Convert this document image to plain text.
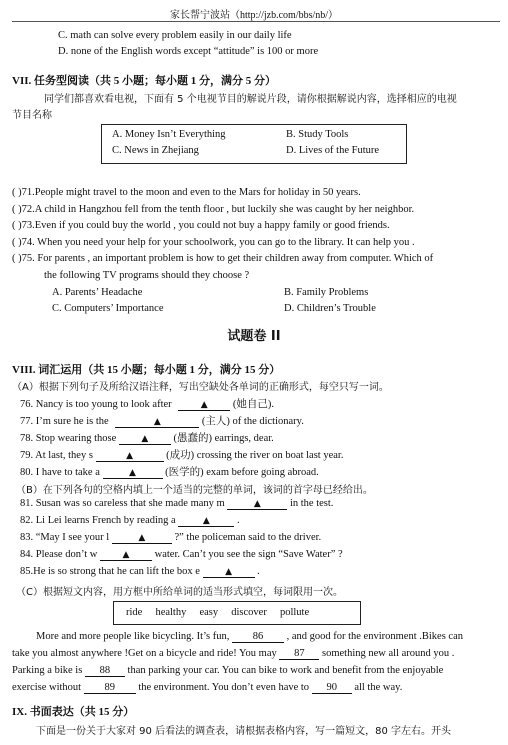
家长帮宁波站（http://jzb.com/bbs/nb/）
C. math can solve every problem easily in our daily life
D. none of the English words except “attitude” is 100 or more
VII. 任务型阅读（共 5 小题；每小题 1 分，满分 5 分）
同学们都喜欢看电视，下面有 5 个电视节目的解说片段，请你根据解说内容，选择相应的电视
节目名称
A. Money Isn’t Everything	B. Study Tools
C. News in Zhejiang	D. Lives of the Future
( )71.People might travel to the moon and even to the Mars for holiday in 50 years.
( )72.A child in Hangzhou fell from the tenth floor , but luckily she was caught by her neighbor.
( )73.Even if you could buy the world , you could not buy a happy family or good friends.
( )74. When you need your help for your schoolwork, you can go to the library. It can help you .
( )75. For parents , an important problem is how to get their children away from computer. Which of
the following TV programs should they choose ?
A. Parents’ Headache	B. Family Problems
C. Computers’ Importance	D. Children’s Trouble
试题卷 II
VIII. 词汇运用（共 15 小题；每小题 1 分，满分 15 分）
（A）根据下列句子及所给汉语注释，写出空缺处各单词的正确形式，每空只写一词。
76. Nancy is too young to look after	▲ (她自己).
77. I’m sure he is the	▲	(主人) of the dictionary.
78. Stop wearing those	▲ (愚蠢的) earrings, dear.
79. At last, they s	▲	(成功) crossing the river on boat last year.
80. I have to take a	▲	(医学的) exam before going abroad.
（B）在下列各句的空格内填上一个适当的完整的单词，该词的首字母已经给出。
81. Susan was so careless that she made many m	▲	in the test.
82. Li Lei learns French by reading a	▲	.
83. “May I see your l	▲	?” the policeman said to the driver.
84. Please don’t w	▲ water. Can’t you see the sign “Save Water” ?
85.He is so strong that he can lift the box e	▲ .
（C）根据短文内容，用方框中所给单词的适当形式填空，每词限用一次。
ride     healthy     easy     discover     pollute
More and more people like bicycling. It’s fun, 86 , and good for the environment .Bikes can
take you almost anywhere !Get on a bicycle and ride! You may 87 something new all around you .
Parking a bike is 88 than parking your car. You can bike to work and benefit from the enjoyable
exercise without 89 the environment. You don’t even have to 90 all the way.
IX. 书面表达（共 15 分）
下面是一份关于大家对 90 后看法的调查表，请根据表格内容，写一篇短文，80 字左右。开头
